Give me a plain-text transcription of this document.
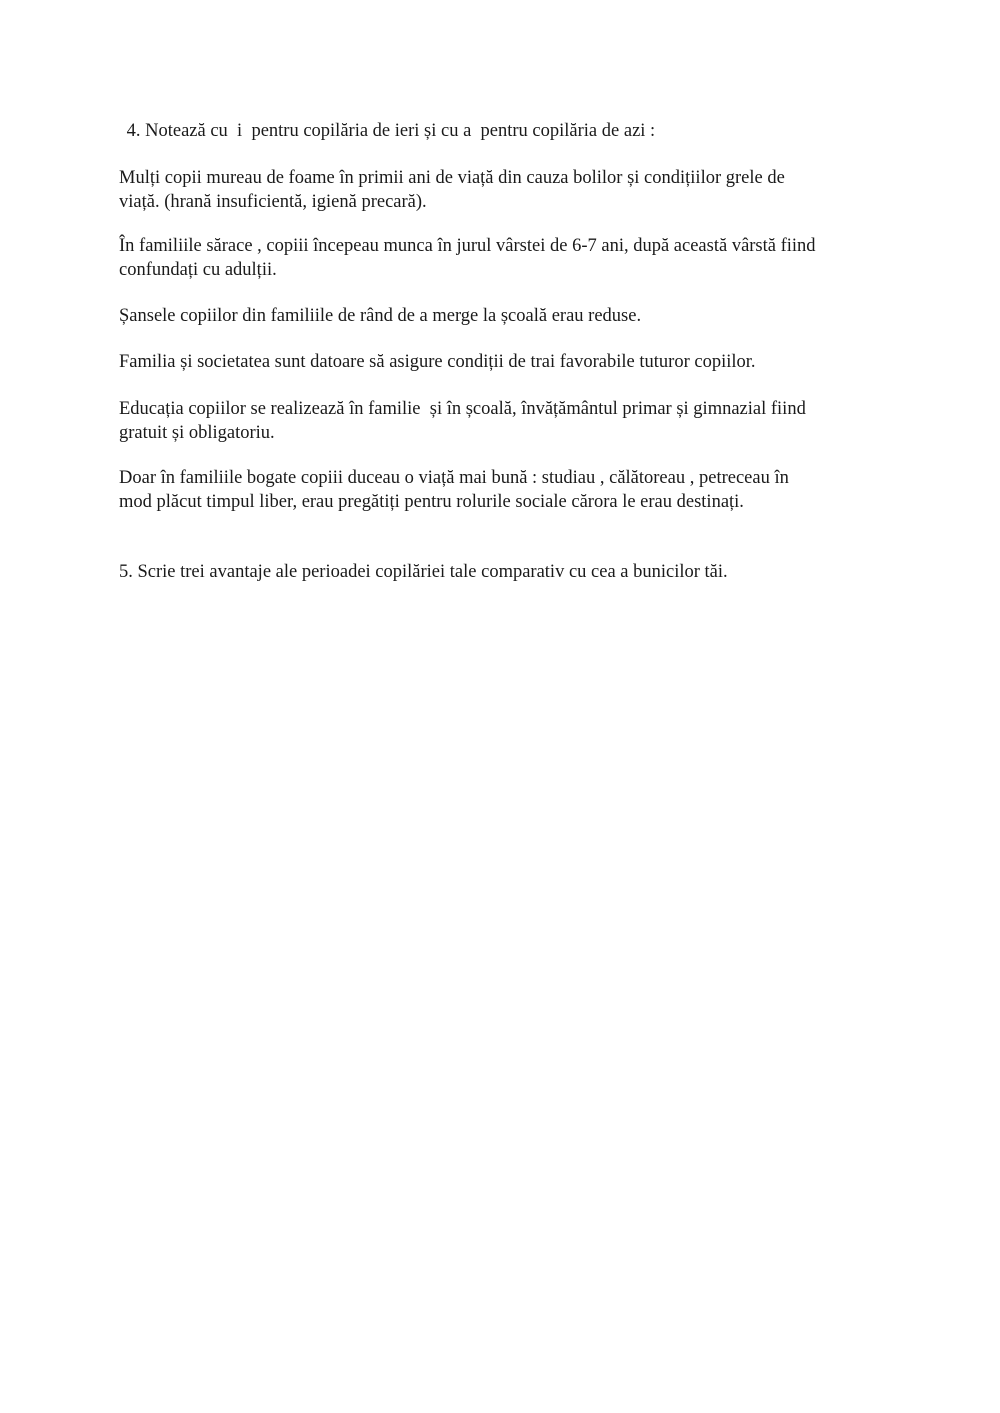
4. Notează cu  i  pentru copilăria de ieri și cu a  pentru copilăria de azi :

Mulți copii mureau de foame în primii ani de viață din cauza bolilor și condițiilor grele de

viață. (hrană insuficientă, igienă precară).

În familiile sărace , copiii începeau munca în jurul vârstei de 6-7 ani, după această vârstă fiind

confundați cu adulții.

Șansele copiilor din familiile de rând de a merge la școală erau reduse.

Familia și societatea sunt datoare să asigure condiții de trai favorabile tuturor copiilor.

Educația copiilor se realizează în familie  și în școală, învățământul primar și gimnazial fiind

gratuit și obligatoriu.

Doar în familiile bogate copiii duceau o viață mai bună : studiau , călătoreau , petreceau în

mod plăcut timpul liber, erau pregătiți pentru rolurile sociale cărora le erau destinați.

5. Scrie trei avantaje ale perioadei copilăriei tale comparativ cu cea a bunicilor tăi.
